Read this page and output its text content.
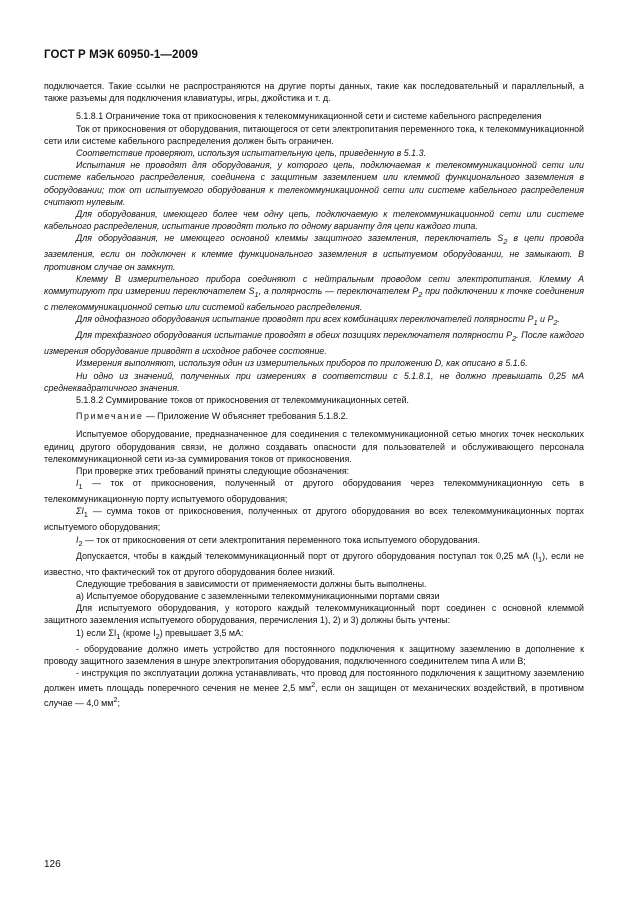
ГОСТ Р МЭК 60950-1—2009

подключается. Такие ссылки не распространяются на другие порты данных, такие как последовательный и параллельный, а также разъемы для подключения клавиатуры, игры, джойстика и т. д.

5.1.8.1 Ограничение тока от прикосновения к телекоммуникационной сети и системе кабельного распределения

Ток от прикосновения от оборудования, питающегося от сети электропитания переменного тока, к телекоммуникационной сети или системе кабельного распределения должен быть ограничен.

Соответствие проверяют, используя испытательную цепь, приведенную в 5.1.3.

Испытания не проводят для оборудования, у которого цепь, подключаемая к телекоммуникационной сети или системе кабельного распределения, соединена с защитным заземлением или клеммой функционального заземления в оборудовании; ток от испытуемого оборудования к телекоммуникационной сети или системе кабельного распределения считают нулевым.

Для оборудования, имеющего более чем одну цепь, подключаемую к телекоммуникационной сети или системе кабельного распределения, испытание проводят только по одному варианту для цепи каждого типа.

Для оборудования, не имеющего основной клеммы защитного заземления, переключатель $S_2$ в цепи провода заземления, если он подключен к клемме функционального заземления в испытуемом оборудовании, не замыкают. В противном случае он замкнут.

Клемму B измерительного прибора соединяют с нейтральным проводом сети электропитания. Клемму A коммутируют при измерении переключателем $S_1$, а полярность — переключателем $P_2$ при подключении к точке соединения с телекоммуникационной сетью или системой кабельного распределения.

Для однофазного оборудования испытание проводят при всех комбинациях переключателей полярности $P_1$ и $P_2$.

Для трехфазного оборудования испытание проводят в обеих позициях переключателя полярности $P_2$. После каждого измерения оборудование приводят в исходное рабочее состояние.

Измерения выполняют, используя один из измерительных приборов по приложению D, как описано в 5.1.6.

Ни одно из значений, полученных при измерениях в соответствии с 5.1.8.1, не должно превышать 0,25 мА среднеквадратичного значения.

5.1.8.2 Суммирование токов от прикосновения от телекоммуникационных сетей.

Примечание — Приложение W объясняет требования 5.1.8.2.

Испытуемое оборудование, предназначенное для соединения с телекоммуникационной сетью многих точек нескольких единиц другого оборудования связи, не должно создавать опасности для пользователей и обслуживающего персонала телекоммуникационной сети из-за суммирования токов от прикосновения.

При проверке этих требований приняты следующие обозначения:

$I_1$ — ток от прикосновения, полученный от другого оборудования через телекоммуникационную сеть в телекоммуникационную порту испытуемого оборудования;

$\Sigma I_1$ — сумма токов от прикосновения, полученных от другого оборудования во всех телекоммуникационных портах испытуемого оборудования;

$I_2$ — ток от прикосновения от сети электропитания переменного тока испытуемого оборудования.

Допускается, чтобы в каждый телекоммуникационный порт от другого оборудования поступал ток 0,25 мА $(I_1)$, если не известно, что фактический ток от другого оборудования более низкий.

Следующие требования в зависимости от применяемости должны быть выполнены.

а) Испытуемое оборудование с заземленными телекоммуникационными портами связи

Для испытуемого оборудования, у которого каждый телекоммуникационный порт соединен с основной клеммой защитного заземления испытуемого оборудования, перечисления 1), 2) и 3) должны быть учтены:

1) если $\Sigma I_1$ (кроме $I_2$) превышает 3,5 мА:

- оборудование должно иметь устройство для постоянного подключения к защитному заземлению в дополнение к проводу защитного заземления в шнуре электропитания оборудования, подключенного соединителем типа A или B;

- инструкция по эксплуатации должна устанавливать, что провод для постоянного подключения к защитному заземлению должен иметь площадь поперечного сечения не менее 2,5 $мм^2$, если он защищен от механических воздействий, в противном случае — 4,0 $мм^2$;

126
